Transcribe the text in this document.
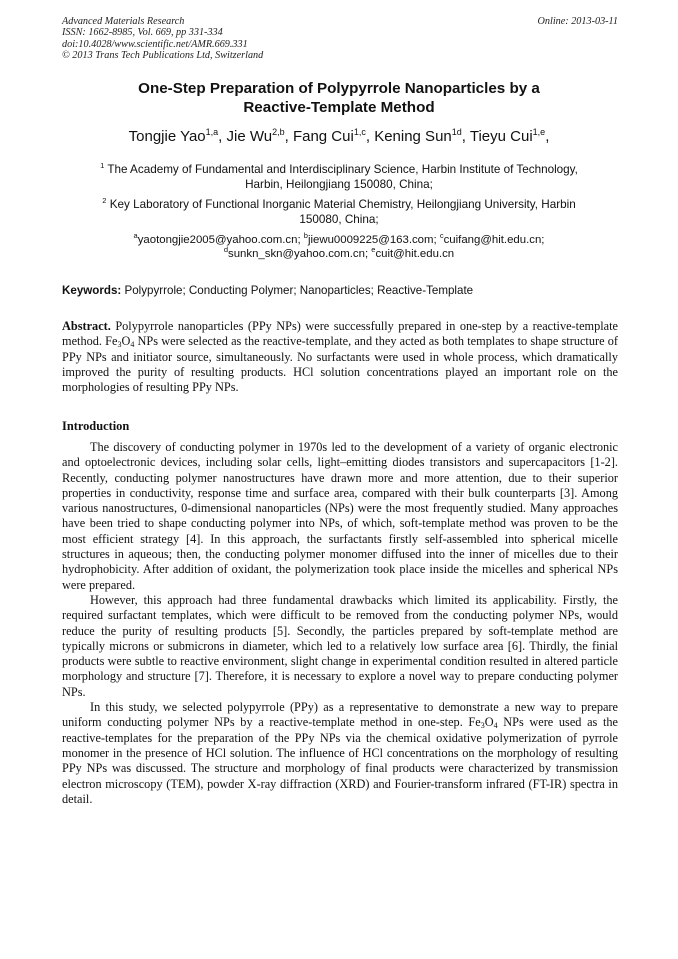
Advanced Materials Research
ISSN: 1662-8985, Vol. 669, pp 331-334
doi:10.4028/www.scientific.net/AMR.669.331
© 2013 Trans Tech Publications Ltd, Switzerland
Online: 2013-03-11
One-Step Preparation of Polypyrrole Nanoparticles by a
Reactive-Template Method
Tongjie Yao$^{1,a}$, Jie Wu$^{2,b}$, Fang Cui$^{1,c}$, Kening Sun$^{1d}$, Tieyu Cui$^{1,e}$,
$^1$ The Academy of Fundamental and Interdisciplinary Science, Harbin Institute of Technology,
Harbin, Heilongjiang 150080, China;
$^2$ Key Laboratory of Functional Inorganic Material Chemistry, Heilongjiang University, Harbin
150080, China;
$^a$yaotongjie2005@yahoo.com.cn; $^b$jiewu0009225@163.com; $^c$cuifang@hit.edu.cn;
$^d$sunkn_skn@yahoo.com.cn; $^e$cuit@hit.edu.cn
Keywords: Polypyrrole; Conducting Polymer; Nanoparticles; Reactive-Template
Abstract. Polypyrrole nanoparticles (PPy NPs) were successfully prepared in one-step by a reactive-template method. $Fe_3O_4$ NPs were selected as the reactive-template, and they acted as both templates to shape structure of PPy NPs and initiator source, simultaneously. No surfactants were used in whole process, which dramatically improved the purity of resulting products. HCl solution concentrations played an important role on the morphologies of resulting PPy NPs.
Introduction

The discovery of conducting polymer in 1970s led to the development of a variety of organic electronic and optoelectronic devices, including solar cells, light–emitting diodes transistors and supercapacitors [1-2]. Recently, conducting polymer nanostructures have drawn more and more attention, due to their superior properties in conductivity, response time and surface area, compared with their bulk counterparts [3]. Among various nanostructures, 0-dimensional nanoparticles (NPs) were the most frequently studied. Many approaches have been tried to shape conducting polymer into NPs, of which, soft-template method was proven to be the most efficient strategy [4]. In this approach, the surfactants firstly self-assembled into spherical micelle structures in aqueous; then, the conducting polymer monomer diffused into the inner of micelles due to their hydrophobicity. After addition of oxidant, the polymerization took place inside the micelles and spherical NPs were prepared.

However, this approach had three fundamental drawbacks which limited its applicability. Firstly, the required surfactant templates, which were difficult to be removed from the conducting polymer NPs, would reduce the purity of resulting products [5]. Secondly, the particles prepared by soft-template method are typically microns or submicrons in diameter, which led to a relatively low surface area [6]. Thirdly, the finial products were subtle to reactive environment, slight change in experimental condition resulted in altered particle morphology and structure [7]. Therefore, it is necessary to explore a novel way to prepare conducting polymer NPs.

In this study, we selected polypyrrole (PPy) as a representative to demonstrate a new way to prepare uniform conducting polymer NPs by a reactive-template method in one-step. $Fe_3O_4$ NPs were used as the reactive-templates for the preparation of the PPy NPs via the chemical oxidative polymerization of pyrrole monomer in the presence of HCl solution. The influence of HCl concentrations on the morphology of resulting PPy NPs was discussed. The structure and morphology of final products were characterized by transmission electron microscopy (TEM), powder X-ray diffraction (XRD) and Fourier-transform infrared (FT-IR) spectra in detail.
